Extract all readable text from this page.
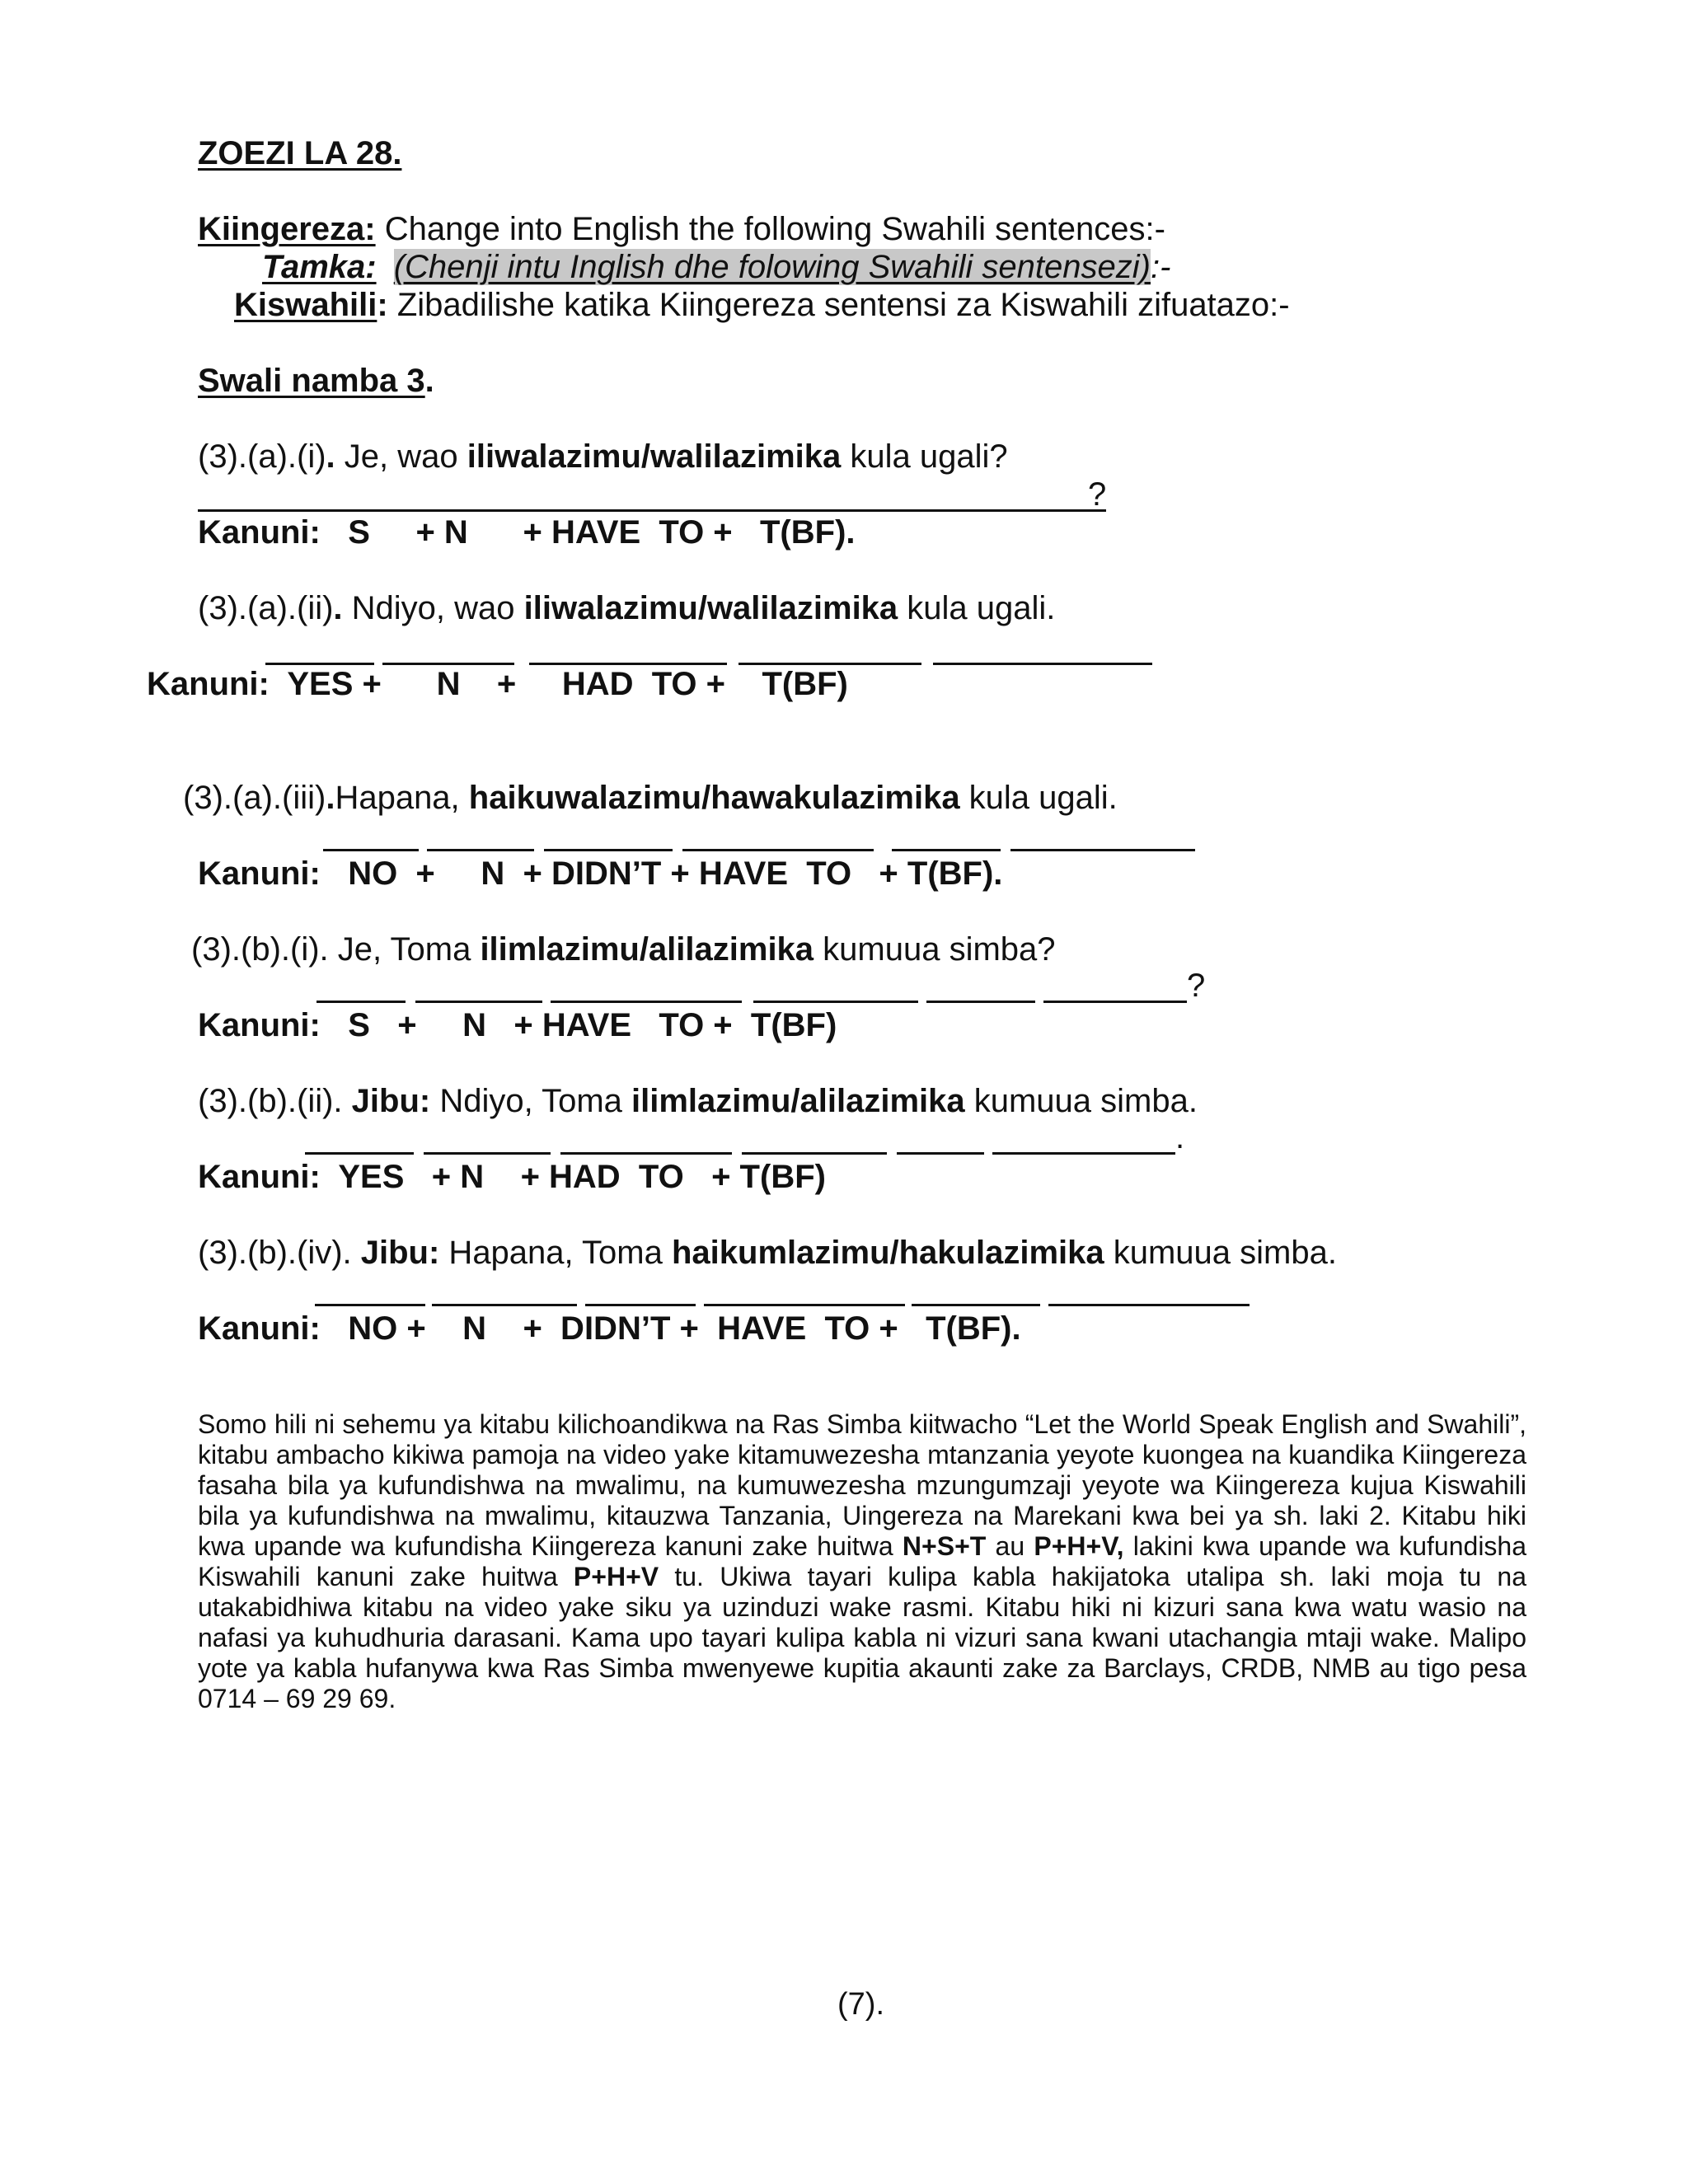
ZOEZI LA 28.
Kiingereza: Change into English the following Swahili sentences:-
Tamka: (Chenji intu Inglish dhe folowing Swahili sentensezi):-
Kiswahili: Zibadilishe katika Kiingereza sentensi za Kiswahili zifuatazo:-
Swali namba 3.
(3).(a).(i). Je, wao iliwalazimu/walilazimika kula ugali?
?
Kanuni:   S     + N      + HAVE  TO +   T(BF).
(3).(a).(ii). Ndiyo, wao iliwalazimu/walilazimika kula ugali.
Kanuni:  YES +      N    +     HAD  TO +    T(BF)
(3).(a).(iii).Hapana, haikuwalazimu/hawakulazimika kula ugali.
Kanuni:   NO  +     N  + DIDN’T + HAVE  TO   + T(BF).
(3).(b).(i). Je, Toma ilimlazimu/alilazimika kumuua simba?
?
Kanuni:   S   +     N   + HAVE   TO +  T(BF)
(3).(b).(ii). Jibu: Ndiyo, Toma ilimlazimu/alilazimika kumuua simba.
.
Kanuni:  YES   + N    + HAD  TO   + T(BF)
(3).(b).(iv). Jibu: Hapana, Toma haikumlazimu/hakulazimika kumuua simba.
Kanuni:   NO +    N    +  DIDN’T +  HAVE  TO +   T(BF).
Somo hili ni sehemu ya kitabu kilichoandikwa na Ras Simba kiitwacho “Let the World Speak English and Swahili”, kitabu ambacho kikiwa pamoja na video yake kitamuwezesha mtanzania yeyote kuongea na kuandika Kiingereza fasaha bila ya kufundishwa na mwalimu, na kumuwezesha mzungumzaji yeyote wa Kiingereza kujua Kiswahili bila ya kufundishwa na mwalimu, kitauzwa Tanzania, Uingereza na Marekani kwa bei ya sh. laki 2. Kitabu hiki kwa upande wa kufundisha Kiingereza kanuni zake huitwa N+S+T au P+H+V, lakini kwa upande wa kufundisha Kiswahili kanuni zake huitwa P+H+V tu. Ukiwa tayari kulipa kabla hakijatoka utalipa sh. laki moja tu na utakabidhiwa kitabu na video yake siku ya uzinduzi wake rasmi. Kitabu hiki ni kizuri sana kwa watu wasio na nafasi ya kuhudhuria darasani. Kama upo tayari kulipa kabla ni vizuri sana kwani utachangia mtaji wake. Malipo yote ya kabla hufanywa kwa Ras Simba mwenyewe kupitia akaunti zake za Barclays, CRDB, NMB au tigo pesa 0714 – 69 29 69.
(7).
